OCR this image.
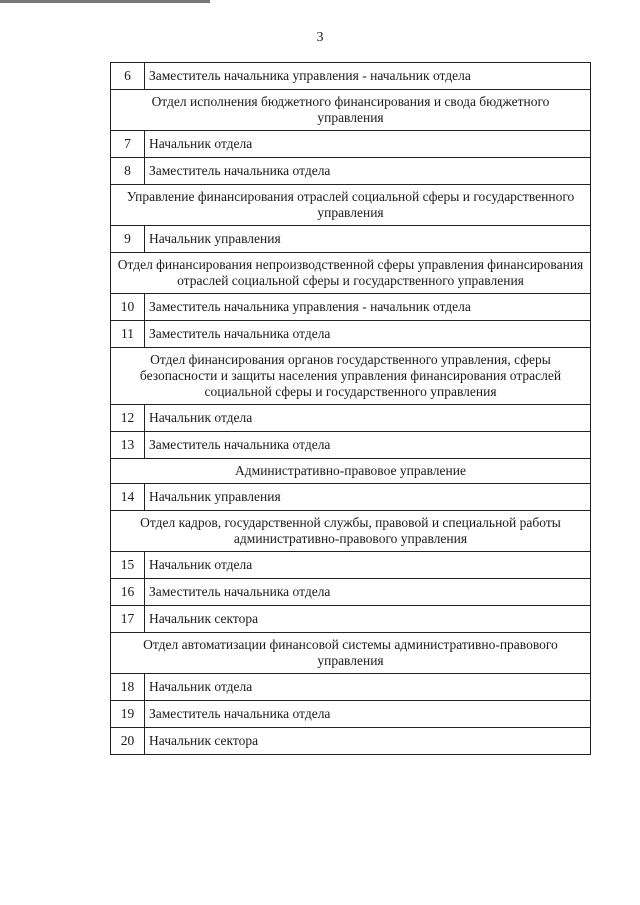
3
6	Заместитель начальника управления - начальник отдела
Отдел исполнения бюджетного финансирования и свода бюджетного управления	
7	Начальник отдела
8	Заместитель начальника отдела
Управление финансирования отраслей социальной сферы и государственного управления	
9	Начальник управления
Отдел финансирования непроизводственной сферы управления финансирования отраслей социальной сферы и государственного управления	
10	Заместитель начальника управления - начальник отдела
11	Заместитель начальника отдела
Отдел финансирования органов государственного управления, сферы безопасности и защиты населения управления финансирования отраслей социальной сферы и государственного управления	
12	Начальник отдела
13	Заместитель начальника отдела
Административно-правовое управление	
14	Начальник управления
Отдел кадров, государственной службы, правовой и специальной работы административно-правового управления	
15	Начальник отдела
16	Заместитель начальника отдела
17	Начальник сектора
Отдел автоматизации финансовой системы административно-правового управления	
18	Начальник отдела
19	Заместитель начальника отдела
20	Начальник сектора
